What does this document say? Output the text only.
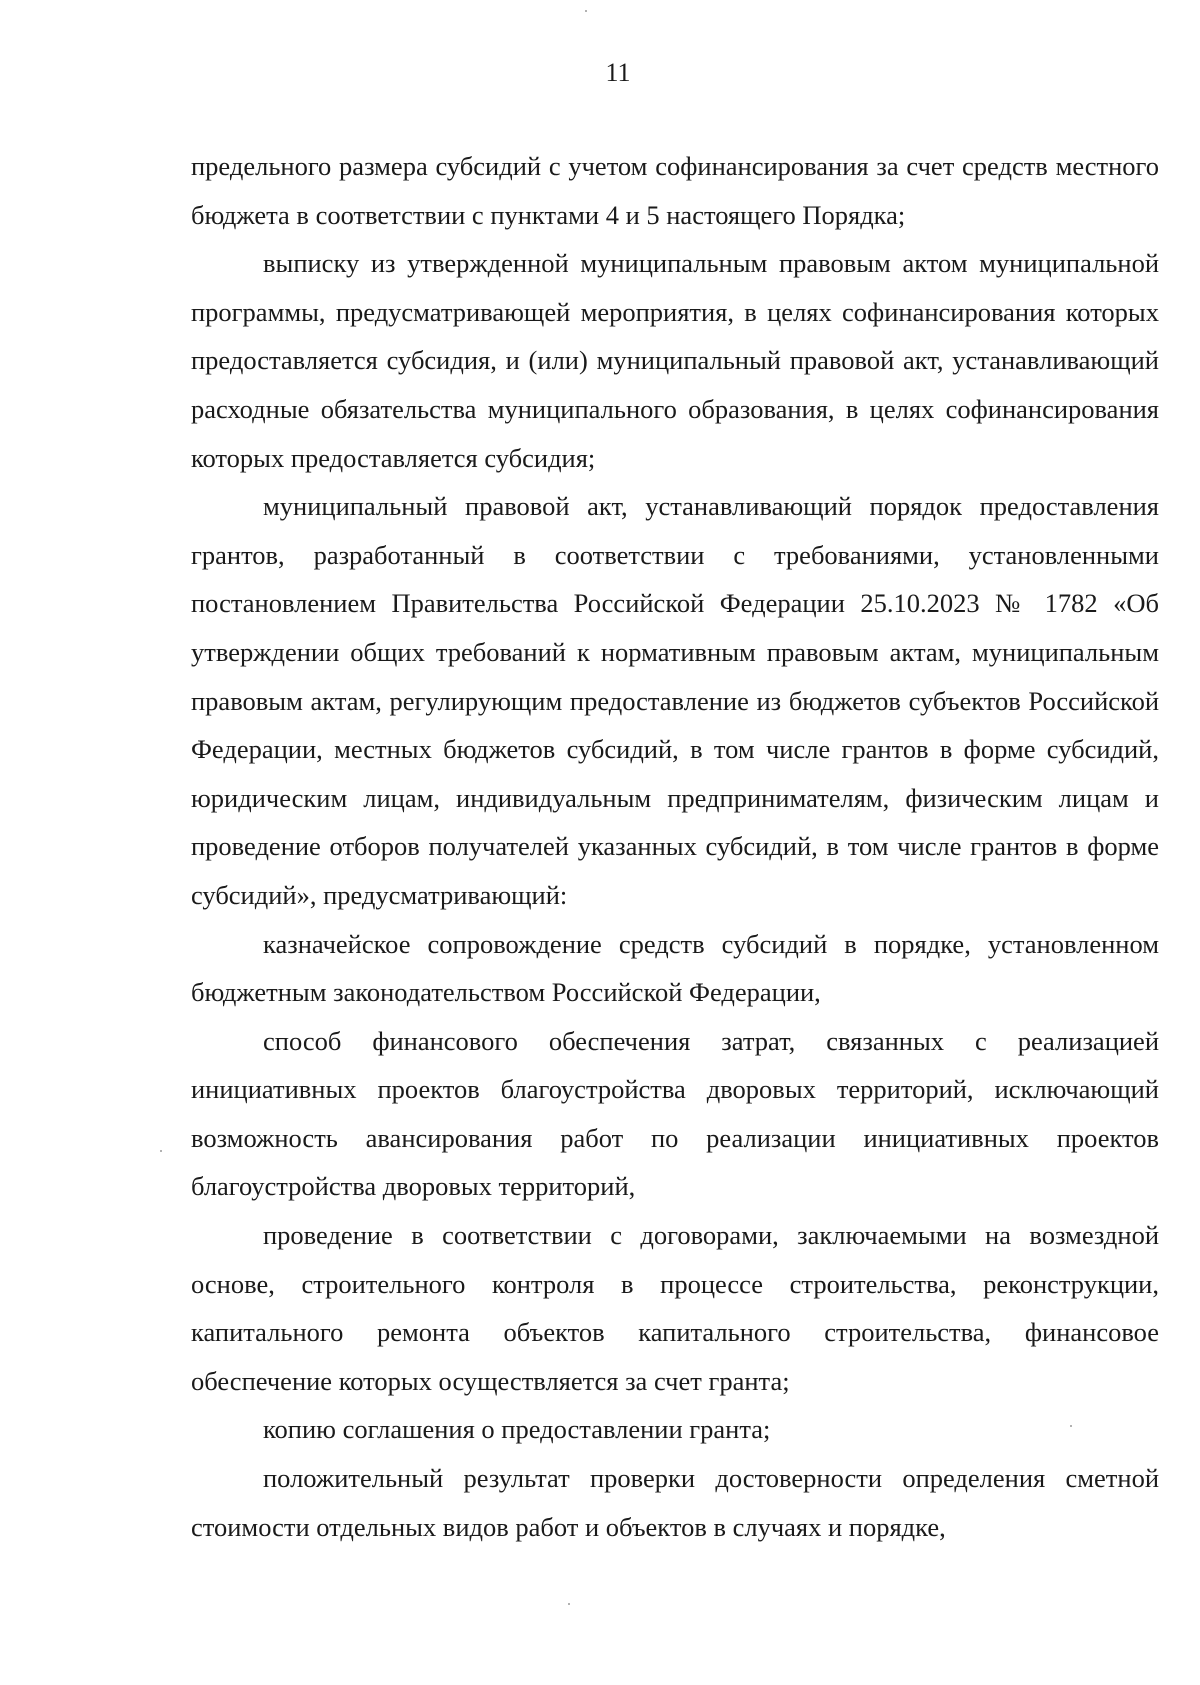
11

предельного размера субсидий с учетом софинансирования за счет средств местного бюджета в соответствии с пунктами 4 и 5 настоящего Порядка;

выписку из утвержденной муниципальным правовым актом муниципальной программы, предусматривающей мероприятия, в целях софинансирования которых предоставляется субсидия, и (или) муниципальный правовой акт, устанавливающий расходные обязательства муниципального образования, в целях софинансирования которых предоставляется субсидия;

муниципальный правовой акт, устанавливающий порядок предоставления грантов, разработанный в соответствии с требованиями, установленными постановлением Правительства Российской Федерации 25.10.2023 № 1782 «Об утверждении общих требований к нормативным правовым актам, муниципальным правовым актам, регулирующим предоставление из бюджетов субъектов Российской Федерации, местных бюджетов субсидий, в том числе грантов в форме субсидий, юридическим лицам, индивидуальным предпринимателям, физическим лицам и проведение отборов получателей указанных субсидий, в том числе грантов в форме субсидий», предусматривающий:

казначейское сопровождение средств субсидий в порядке, установленном бюджетным законодательством Российской Федерации,

способ финансового обеспечения затрат, связанных с реализацией инициативных проектов благоустройства дворовых территорий, исключающий возможность авансирования работ по реализации инициативных проектов благоустройства дворовых территорий,

проведение в соответствии с договорами, заключаемыми на возмездной основе, строительного контроля в процессе строительства, реконструкции, капитального ремонта объектов капитального строительства, финансовое обеспечение которых осуществляется за счет гранта;

копию соглашения о предоставлении гранта;

положительный результат проверки достоверности определения сметной стоимости отдельных видов работ и объектов в случаях и порядке,
